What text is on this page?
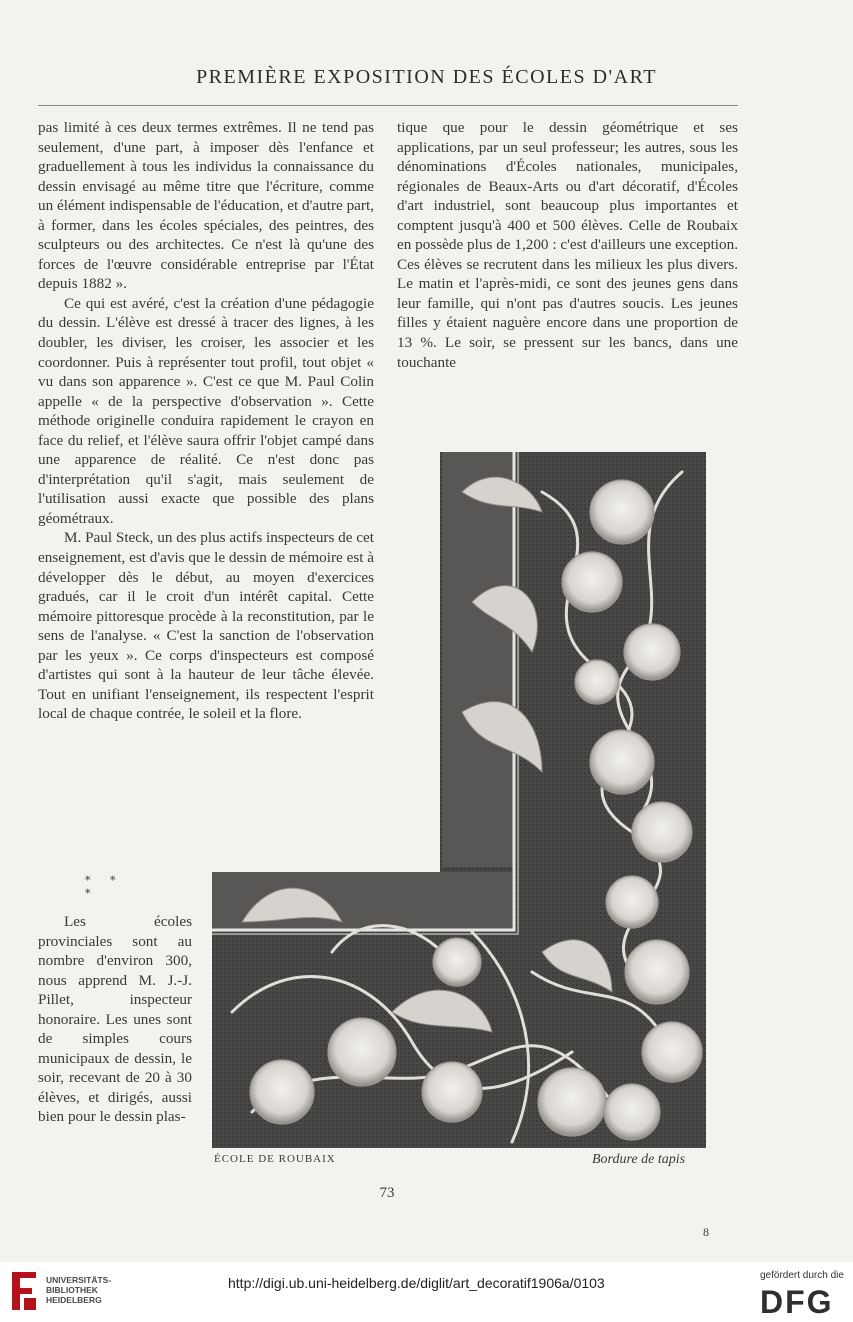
PREMIÈRE EXPOSITION DES ÉCOLES D'ART

pas limité à ces deux termes extrêmes. Il ne tend pas seulement, d'une part, à imposer dès l'enfance et graduellement à tous les individus la connaissance du dessin envisagé au même titre que l'écriture, comme un élément indispensable de l'éducation, et d'autre part, à former, dans les écoles spéciales, des peintres, des sculpteurs ou des architectes. Ce n'est là qu'une des forces de l'œuvre considérable entreprise par l'État depuis 1882 ».

Ce qui est avéré, c'est la création d'une pédagogie du dessin. L'élève est dressé à tracer des lignes, à les doubler, les diviser, les croiser, les associer et les coordonner. Puis à représenter tout profil, tout objet « vu dans son apparence ». C'est ce que M. Paul Colin appelle « de la perspective d'observation ». Cette méthode originelle conduira rapidement le crayon en face du relief, et l'élève saura offrir l'objet campé dans une apparence de réalité. Ce n'est donc pas d'interprétation qu'il s'agit, mais seulement de l'utilisation aussi exacte que possible des plans géométraux.

M. Paul Steck, un des plus actifs inspecteurs de cet enseignement, est d'avis que le dessin de mémoire est à développer dès le début, au moyen d'exercices gradués, car il le croit d'un intérêt capital. Cette mémoire pittoresque procède à la reconstitution, par le sens de l'analyse. « C'est la sanction de l'observation par les yeux ». Ce corps d'inspecteurs est composé d'artistes qui sont à la hauteur de leur tâche élevée. Tout en unifiant l'enseignement, ils respectent l'esprit local de chaque contrée, le soleil et la flore.

* * *

Les écoles provinciales sont au nombre d'environ 300, nous apprend M. J.-J. Pillet, inspecteur honoraire. Les unes sont de simples cours municipaux de dessin, le soir, recevant de 20 à 30 élèves, et dirigés, aussi bien pour le dessin plas-

tique que pour le dessin géométrique et ses applications, par un seul professeur; les autres, sous les dénominations d'Écoles nationales, municipales, régionales de Beaux-Arts ou d'art décoratif, d'Écoles d'art industriel, sont beaucoup plus importantes et comptent jusqu'à 400 et 500 élèves. Celle de Roubaix en possède plus de 1,200 : c'est d'ailleurs une exception. Ces élèves se recrutent dans les milieux les plus divers. Le matin et l'après-midi, ce sont des jeunes gens dans leur famille, qui n'ont pas d'autres soucis. Les jeunes filles y étaient naguère encore dans une proportion de 13 %. Le soir, se pressent sur les bancs, dans une touchante

ÉCOLE DE ROUBAIX	Bordure de tapis
73
8
UNIVERSITÄTS-
BIBLIOTHEK
HEIDELBERG
http://digi.ub.uni-heidelberg.de/diglit/art_decoratif1906a/0103	gefördert durch die
DFG
